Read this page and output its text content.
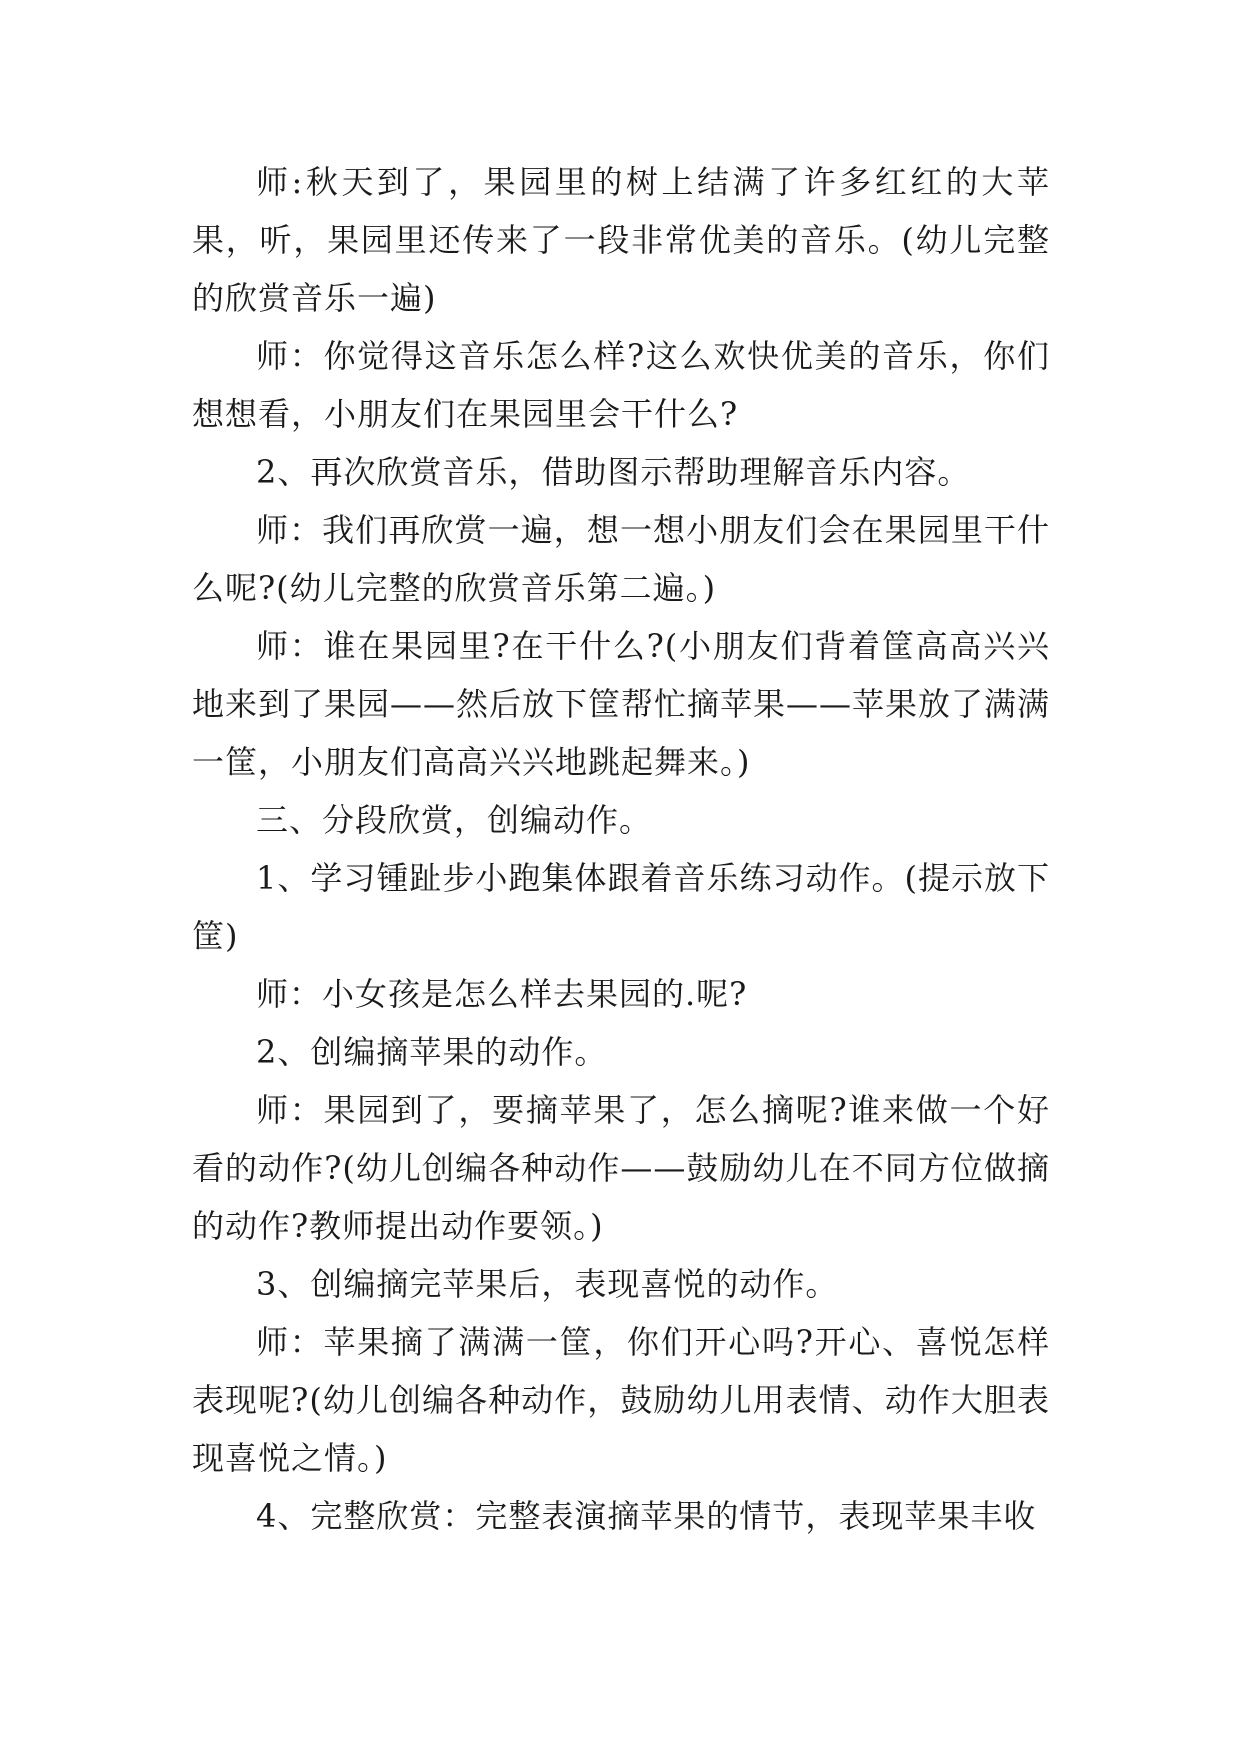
师:秋天到了，果园里的树上结满了许多红红的大苹果，听，果园里还传来了一段非常优美的音乐。(幼儿完整的欣赏音乐一遍)

师：你觉得这音乐怎么样?这么欢快优美的音乐，你们想想看，小朋友们在果园里会干什么?

2、再次欣赏音乐，借助图示帮助理解音乐内容。

师：我们再欣赏一遍，想一想小朋友们会在果园里干什么呢?(幼儿完整的欣赏音乐第二遍。)

师：谁在果园里?在干什么?(小朋友们背着筐高高兴兴地来到了果园——然后放下筐帮忙摘苹果——苹果放了满满一筐，小朋友们高高兴兴地跳起舞来。)

三、分段欣赏，创编动作。

1、学习锺趾步小跑集体跟着音乐练习动作。(提示放下筐)

师：小女孩是怎么样去果园的.呢?

2、创编摘苹果的动作。

师：果园到了，要摘苹果了，怎么摘呢?谁来做一个好看的动作?(幼儿创编各种动作——鼓励幼儿在不同方位做摘的动作?教师提出动作要领。)

3、创编摘完苹果后，表现喜悦的动作。

师：苹果摘了满满一筐，你们开心吗?开心、喜悦怎样表现呢?(幼儿创编各种动作，鼓励幼儿用表情、动作大胆表现喜悦之情。)

4、完整欣赏：完整表演摘苹果的情节，表现苹果丰收
